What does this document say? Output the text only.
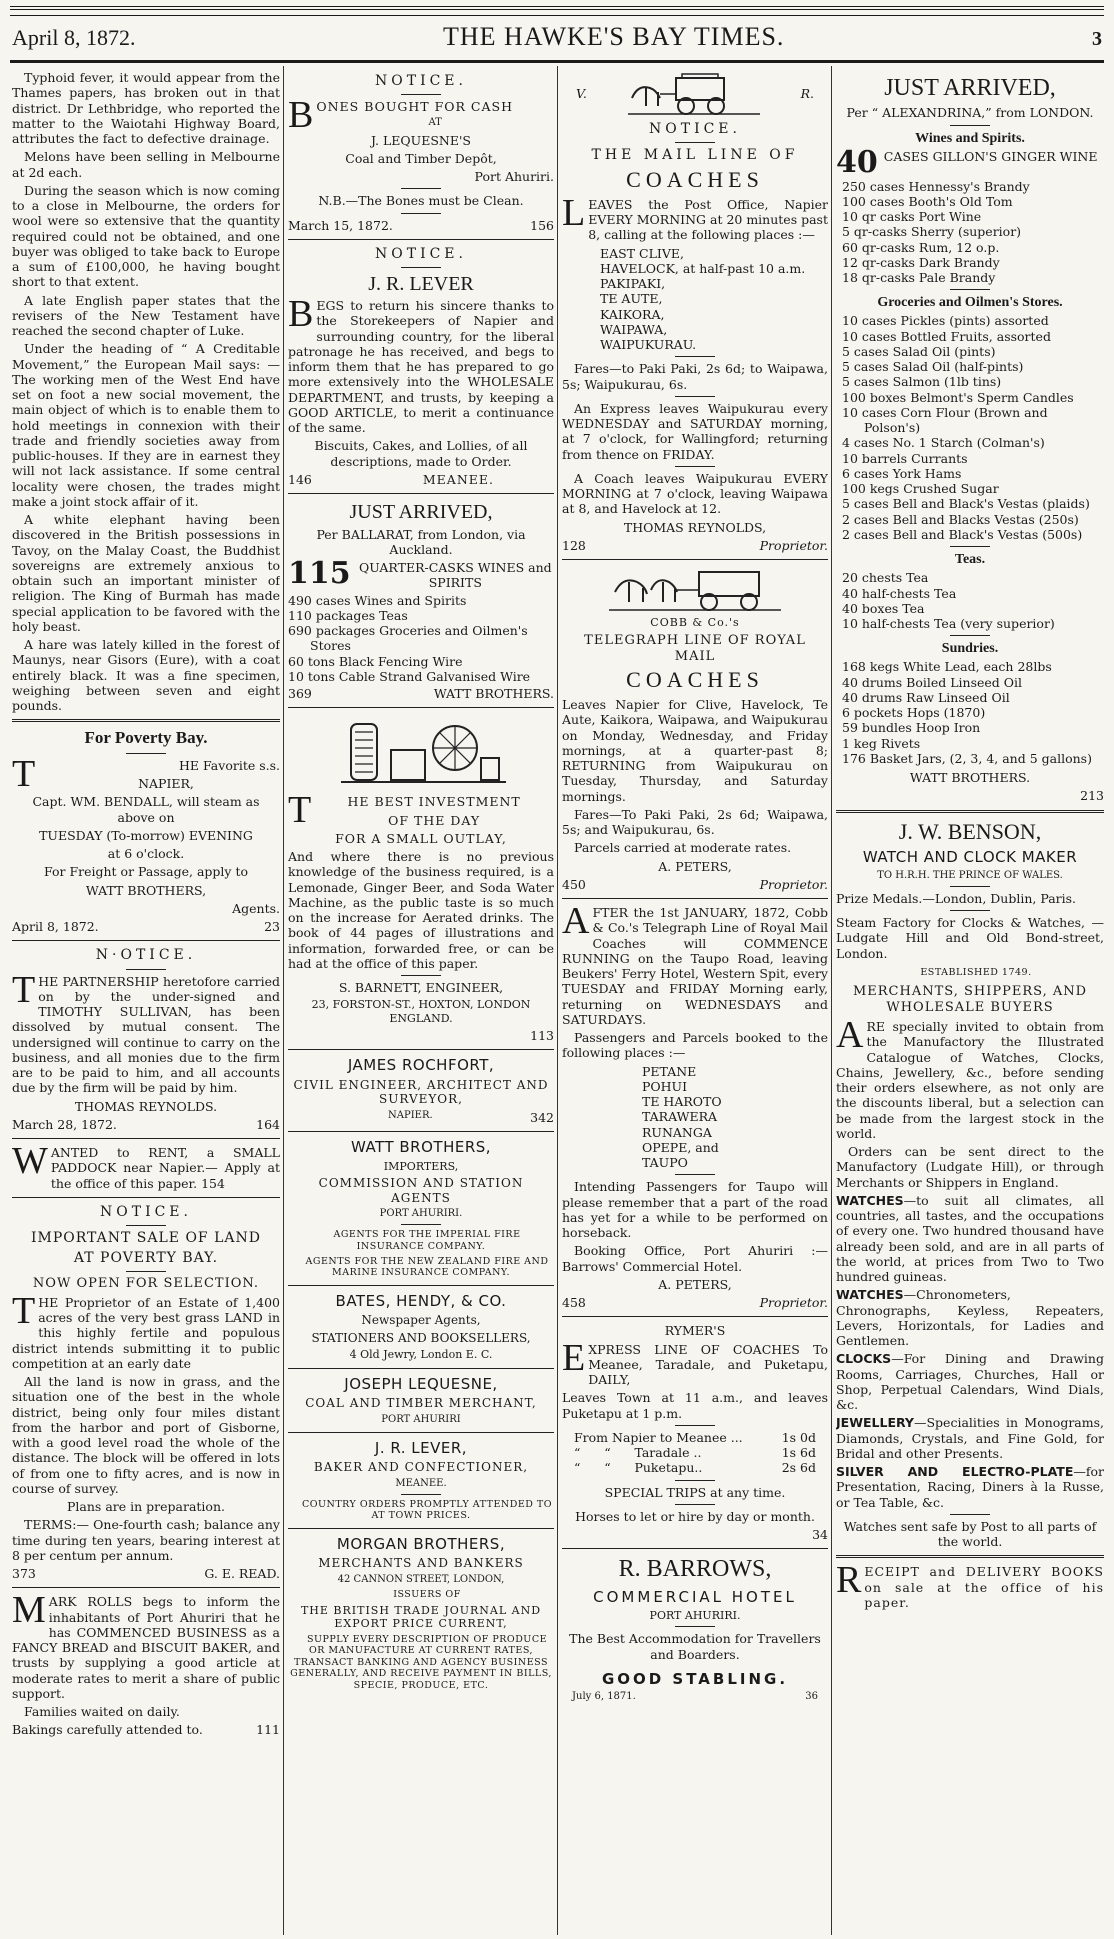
April 8, 1872.	THE HAWKE'S BAY TIMES.	3

Typhoid fever, it would appear from the Thames papers, has broken out in that district. Dr Lethbridge, who reported the matter to the Waiotahi Highway Board, attributes the fact to defective drainage.

Melons have been selling in Melbourne at 2d each.

During the season which is now coming to a close in Melbourne, the orders for wool were so extensive that the quantity required could not be obtained, and one buyer was obliged to take back to Europe a sum of £100,000, he having bought short to that extent.

A late English paper states that the revisers of the New Testament have reached the second chapter of Luke.

Under the heading of “ A Creditable Movement,” the European Mail says: —The working men of the West End have set on foot a new social movement, the main object of which is to enable them to hold meetings in connexion with their trade and friendly societies away from public-houses. If they are in earnest they will not lack assistance. If some central locality were chosen, the trades might make a joint stock affair of it.

A white elephant having been discovered in the British possessions in Tavoy, on the Malay Coast, the Buddhist sovereigns are extremely anxious to obtain such an important minister of religion. The King of Burmah has made special application to be favored with the holy beast.

A hare was lately killed in the forest of Maunys, near Gisors (Eure), with a coat entirely black. It was a fine specimen, weighing between seven and eight pounds.

For Poverty Bay.

T	HE Favorite s.s.

NAPIER,

Capt. WM. BENDALL, will steam as above on

TUESDAY (To-morrow) EVENING

at 6 o'clock.

For Freight or Passage, apply to

WATT BROTHERS,

Agents.

April 8, 1872.	23
N·OTICE.

THE PARTNERSHIP heretofore carried on by the under-signed and TIMOTHY SULLIVAN, has been dissolved by mutual consent. The undersigned will continue to carry on the business, and all monies due to the firm are to be paid to him, and all accounts due by the firm will be paid by him.

THOMAS REYNOLDS.

March 28, 1872.	164

WANTED to RENT, a SMALL PADDOCK near Napier.— Apply at the office of this paper. 154

NOTICE.

IMPORTANT SALE OF LAND

AT POVERTY BAY.

NOW OPEN FOR SELECTION.

THE Proprietor of an Estate of 1,400 acres of the very best grass LAND in this highly fertile and populous district intends submitting it to public competition at an early date

All the land is now in grass, and the situation one of the best in the whole district, being only four miles distant from the harbor and port of Gisborne, with a good level road the whole of the distance. The block will be offered in lots of from one to fifty acres, and is now in course of survey.

Plans are in preparation.

TERMS:— One-fourth cash; balance any time during ten years, bearing interest at 8 per centum per annum.

373	G. E. READ.

MARK ROLLS begs to inform the inhabitants of Port Ahuriri that he has COMMENCED BUSINESS as a FANCY BREAD and BISCUIT BAKER, and trusts by supplying a good article at moderate rates to merit a share of public support.

Families waited on daily.

Bakings carefully attended to.	111
NOTICE.

BONES BOUGHT FOR CASH

AT

J. LEQUESNE'S

Coal and Timber Depôt,

Port Ahuriri.

N.B.—The Bones must be Clean.

March 15, 1872.	156
NOTICE.
J. R. LEVER

BEGS to return his sincere thanks to the Storekeepers of Napier and surrounding country, for the liberal patronage he has received, and begs to inform them that he has prepared to go more extensively into the WHOLESALE DEPARTMENT, and trusts, by keeping a GOOD ARTICLE, to merit a continuance of the same.

Biscuits, Cakes, and Lollies, of all descriptions, made to Order.

146	MEANEE.
JUST ARRIVED,

Per BALLARAT, from London, via Auckland.

115 QUARTER-CASKS WINES and SPIRITS
490 cases Wines and Spirits
110 packages Teas
690 packages Groceries and Oilmen's Stores
60 tons Black Fencing Wire
10 tons Cable Strand Galvanised Wire
369	WATT BROTHERS.

T	HE BEST INVESTMENT

OF THE DAY

FOR A SMALL OUTLAY,

And where there is no previous knowledge of the business required, is a Lemonade, Ginger Beer, and Soda Water Machine, as the public taste is so much on the increase for Aerated drinks. The book of 44 pages of illustrations and information, forwarded free, or can be had at the office of this paper.

S. BARNETT, ENGINEER,

23, FORSTON-ST., HOXTON, LONDON ENGLAND.

113

JAMES ROCHFORT,

CIVIL ENGINEER, ARCHITECT AND SURVEYOR,

NAPIER.	342
WATT BROTHERS,

IMPORTERS,

COMMISSION AND STATION AGENTS

PORT AHURIRI.

AGENTS FOR THE IMPERIAL FIRE INSURANCE COMPANY.

AGENTS FOR THE NEW ZEALAND FIRE AND MARINE INSURANCE COMPANY.

BATES, HENDY, & CO.

Newspaper Agents,

STATIONERS AND BOOKSELLERS,

4 Old Jewry, London E. C.

JOSEPH LEQUESNE,

COAL AND TIMBER MERCHANT,

PORT AHURIRI

J. R. LEVER,

BAKER AND CONFECTIONER,

MEANEE.

COUNTRY ORDERS PROMPTLY ATTENDED TO AT TOWN PRICES.

MORGAN BROTHERS,

MERCHANTS AND BANKERS

42 CANNON STREET, LONDON,

ISSUERS OF

THE BRITISH TRADE JOURNAL AND EXPORT PRICE CURRENT,

SUPPLY EVERY DESCRIPTION OF PRODUCE OR MANUFACTURE AT CURRENT RATES, TRANSACT BANKING AND AGENCY BUSINESS GENERALLY, AND RECEIVE PAYMENT IN BILLS, SPECIE, PRODUCE, ETC.

V.	R.
NOTICE.

THE MAIL LINE OF

COACHES

LEAVES the Post Office, Napier EVERY MORNING at 20 minutes past 8, calling at the following places :—

EAST CLIVE,
HAVELOCK, at half-past 10 a.m.
PAKIPAKI,
TE AUTE,
KAIKORA,
WAIPAWA,
WAIPUKURAU.

Fares—to Paki Paki, 2s 6d; to Waipawa, 5s; Waipukurau, 6s.

An Express leaves Waipukurau every WEDNESDAY and SATURDAY morning, at 7 o'clock, for Wallingford; returning from thence on FRIDAY.

A Coach leaves Waipukurau EVERY MORNING at 7 o'clock, leaving Waipawa at 8, and Havelock at 12.

THOMAS REYNOLDS,

128	Proprietor.

COBB & Co.'s

TELEGRAPH LINE OF ROYAL MAIL

COACHES

Leaves Napier for Clive, Havelock, Te Aute, Kaikora, Waipawa, and Waipukurau on Monday, Wednesday, and Friday mornings, at a quarter-past 8; RETURNING from Waipukurau on Tuesday, Thursday, and Saturday mornings.

Fares—To Paki Paki, 2s 6d; Waipawa, 5s; and Waipukurau, 6s.

Parcels carried at moderate rates.

A. PETERS,

450	Proprietor.

AFTER the 1st JANUARY, 1872, Cobb & Co.'s Telegraph Line of Royal Mail Coaches will COMMENCE RUNNING on the Taupo Road, leaving Beukers' Ferry Hotel, Western Spit, every TUESDAY and FRIDAY Morning early, returning on WEDNESDAYS and SATURDAYS.

Passengers and Parcels booked to the following places :—

PETANE
POHUI
TE HAROTO
TARAWERA
RUNANGA
OPEPE, and
TAUPO

Intending Passengers for Taupo will please remember that a part of the road has yet for a while to be performed on horseback.

Booking Office, Port Ahuriri :—Barrows' Commercial Hotel.

A. PETERS,

458	Proprietor.

RYMER'S

EXPRESS LINE OF COACHES To Meanee, Taradale, and Puketapu, DAILY,

Leaves Town at 11 a.m., and leaves Puketapu at 1 p.m.

From Napier to Meanee ...	1s 0d
“      “      Taradale ..	1s 6d
“      “      Puketapu..	2s 6d

SPECIAL TRIPS at any time.

Horses to let or hire by day or month.

34

R. BARROWS,
COMMERCIAL HOTEL

PORT AHURIRI.

The Best Accommodation for Travellers and Boarders.

GOOD STABLING.

July 6, 1871.	36
JUST ARRIVED,

Per “ ALEXANDRINA,” from LONDON.

Wines and Spirits.
40 CASES GILLON'S GINGER WINE
250 cases Hennessy's Brandy
100 cases Booth's Old Tom
10 qr casks Port Wine
5 qr-casks Sherry (superior)
60 qr-casks Rum, 12 o.p.
12 qr-casks Dark Brandy
18 qr-casks Pale Brandy
Groceries and Oilmen's Stores.
10 cases Pickles (pints) assorted
10 cases Bottled Fruits, assorted
5 cases Salad Oil (pints)
5 cases Salad Oil (half-pints)
5 cases Salmon (1lb tins)
100 boxes Belmont's Sperm Candles
10 cases Corn Flour (Brown and Polson's)
4 cases No. 1 Starch (Colman's)
10 barrels Currants
6 cases York Hams
100 kegs Crushed Sugar
5 cases Bell and Black's Vestas (plaids)
2 cases Bell and Blacks Vestas (250s)
2 cases Bell and Black's Vestas (500s)
Teas.
20 chests Tea
40 half-chests Tea
40 boxes Tea
10 half-chests Tea (very superior)
Sundries.
168 kegs White Lead, each 28lbs
40 drums Boiled Linseed Oil
40 drums Raw Linseed Oil
6 pockets Hops (1870)
59 bundles Hoop Iron
1 keg Rivets
176 Basket Jars, (2, 3, 4, and 5 gallons)

WATT BROTHERS.

213

J. W. BENSON,
WATCH AND CLOCK MAKER

TO H.R.H. THE PRINCE OF WALES.

Prize Medals.—London, Dublin, Paris.

Steam Factory for Clocks & Watches, —Ludgate Hill and Old Bond-street, London.

ESTABLISHED 1749.

MERCHANTS, SHIPPERS, AND WHOLESALE BUYERS

ARE specially invited to obtain from the Manufactory the Illustrated Catalogue of Watches, Clocks, Chains, Jewellery, &c., before sending their orders elsewhere, as not only are the discounts liberal, but a selection can be made from the largest stock in the world.

Orders can be sent direct to the Manufactory (Ludgate Hill), or through Merchants or Shippers in England.

WATCHES—to suit all climates, all countries, all tastes, and the occupations of every one. Two hundred thousand have already been sold, and are in all parts of the world, at prices from Two to Two hundred guineas.

WATCHES—Chronometers, Chronographs, Keyless, Repeaters, Levers, Horizontals, for Ladies and Gentlemen.

CLOCKS—For Dining and Drawing Rooms, Carriages, Churches, Hall or Shop, Perpetual Calendars, Wind Dials, &c.

JEWELLERY—Specialities in Monograms, Diamonds, Crystals, and Fine Gold, for Bridal and other Presents.

SILVER AND ELECTRO-PLATE—for Presentation, Racing, Diners à la Russe, or Tea Table, &c.

Watches sent safe by Post to all parts of the world.

RECEIPT and DELIVERY BOOKS on sale at the office of his paper.
